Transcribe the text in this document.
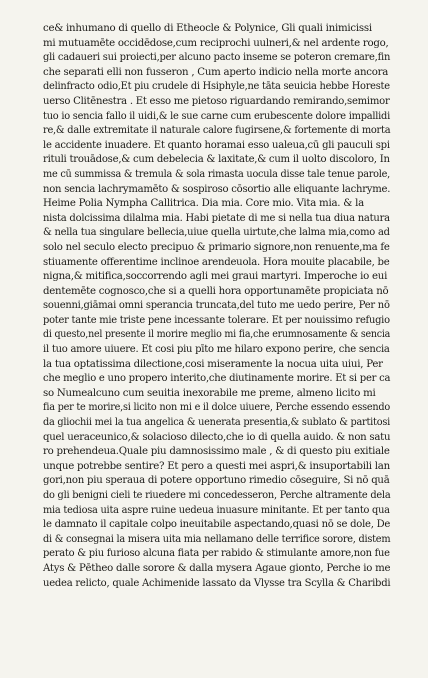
ce& inhumano di quello di Etheocle & Polynice, Gli quali inimicissi
mi mutuamēte occidēdose,cum reciprochi uulneri,& nel ardente rogo,
gli cadaueri sui proiecti,per alcuno pacto inseme se poteron cremare,fin
che separati elli non fusseron , Cum aperto indicio nella morte ancora
delinfracto odio,Et piu crudele di Hsiphyle,ne tāta seuicia hebbe Horeste
uerso Clitēnestra . Et esso me pietoso riguardando remirando,semimor
tuo io sencia fallo il uidi,& le sue carne cum erubescente dolore impallidi
re,& dalle extremitate il naturale calore fugirsene,& fortemente di morta
le accidente inuadere. Et quanto horamai esso ualeua,cū gli pauculi spi
rituli trouādose,& cum debelecia & laxitate,& cum il uolto discoloro, In
me cū summissa & tremula & sola rimasta uocula disse tale tenue parole,
non sencia lachrymamēto & sospiroso cōsortio alle eliquante lachryme.
Heime Polia Nympha Callitrica. Dia mia. Core mio. Vita mia. & la
nista dolcissima dilalma mia. Habi pietate di me si nella tua diua natura
& nella tua singulare bellecia,uiue quella uirtute,che lalma mia,como ad
solo nel seculo electo precipuo & primario signore,non renuente,ma fe
stiuamente offerentime inclinoe arendeuola. Hora mouite placabile, be
nigna,& mitifica,soccorrendo agli mei graui martyri. Imperoche io eui
dentemēte cognosco,che si a quelli hora opportunamēte propiciata nō
souenni,giāmai omni sperancia truncata,del tuto me uedo perire, Per nō
poter tante mie triste pene incessante tolerare. Et per nouissimo refugio
di questo,nel presente il morire meglio mi fia,che erumnosamente & sencia
il tuo amore uiuere. Et cosi piu pīto me hilaro expono perire, che sencia
la tua optatissima dilectione,cosi miseramente la nocua uita uiui, Per
che meglio e uno propero interito,che diutinamente morire. Et si per ca
so Numealcuno cum seuitia inexorabile me preme, almeno licito mi
fia per te morire,si licito non mi e il dolce uiuere, Perche essendo essendo
da gliochii mei la tua angelica & uenerata presentia,& sublato & partitosi
quel ueraceunico,& solacioso dilecto,che io di quella auido. & non satu
ro prehendeua.Quale piu damnosissimo male , & di questo piu exitiale
unque potrebbe sentire? Et pero a questi mei aspri,& insuportabili lan
gori,non piu speraua di potere opportuno rimedio cōseguire, Si nō quā
do gli benigni cieli te riuedere mi concedesseron, Perche altramente dela
mia tediosa uita aspre ruine uedeua inuasure minitante. Et per tanto qua
le damnato il capitale colpo ineuitabile aspectando,quasi nō se dole, De
di & consegnai la misera uita mia nellamano delle terrifice sorore, distem
perato & piu furioso alcuna fiata per rabido & stimulante amore,non fue
Atys & Pētheo dalle sorore & dalla mysera Agaue gionto, Perche io me
uedea relicto, quale Achimenide lassato da Vlysse tra Scylla & Charibdi
